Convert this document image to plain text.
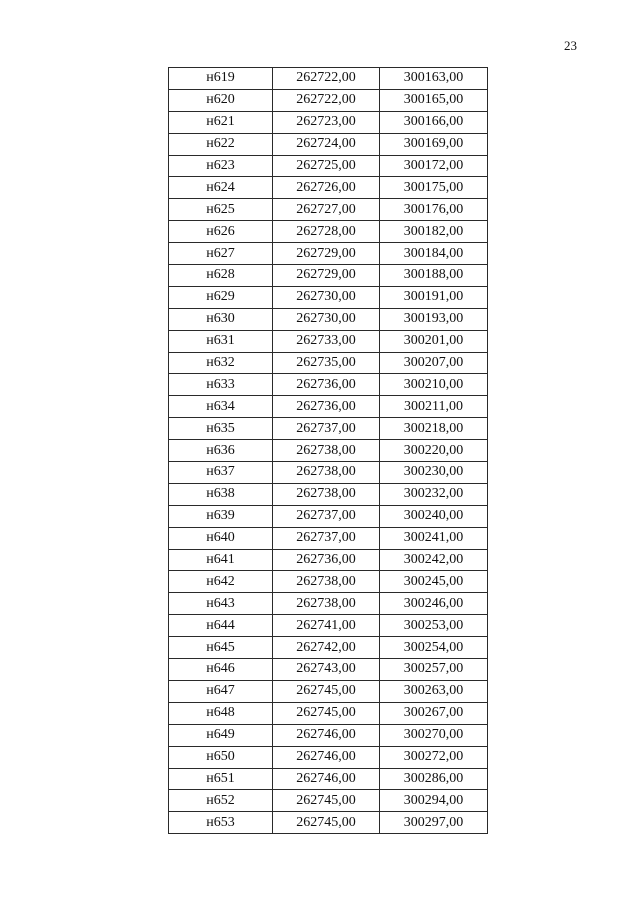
23
н619	262722,00	300163,00
н620	262722,00	300165,00
н621	262723,00	300166,00
н622	262724,00	300169,00
н623	262725,00	300172,00
н624	262726,00	300175,00
н625	262727,00	300176,00
н626	262728,00	300182,00
н627	262729,00	300184,00
н628	262729,00	300188,00
н629	262730,00	300191,00
н630	262730,00	300193,00
н631	262733,00	300201,00
н632	262735,00	300207,00
н633	262736,00	300210,00
н634	262736,00	300211,00
н635	262737,00	300218,00
н636	262738,00	300220,00
н637	262738,00	300230,00
н638	262738,00	300232,00
н639	262737,00	300240,00
н640	262737,00	300241,00
н641	262736,00	300242,00
н642	262738,00	300245,00
н643	262738,00	300246,00
н644	262741,00	300253,00
н645	262742,00	300254,00
н646	262743,00	300257,00
н647	262745,00	300263,00
н648	262745,00	300267,00
н649	262746,00	300270,00
н650	262746,00	300272,00
н651	262746,00	300286,00
н652	262745,00	300294,00
н653	262745,00	300297,00
